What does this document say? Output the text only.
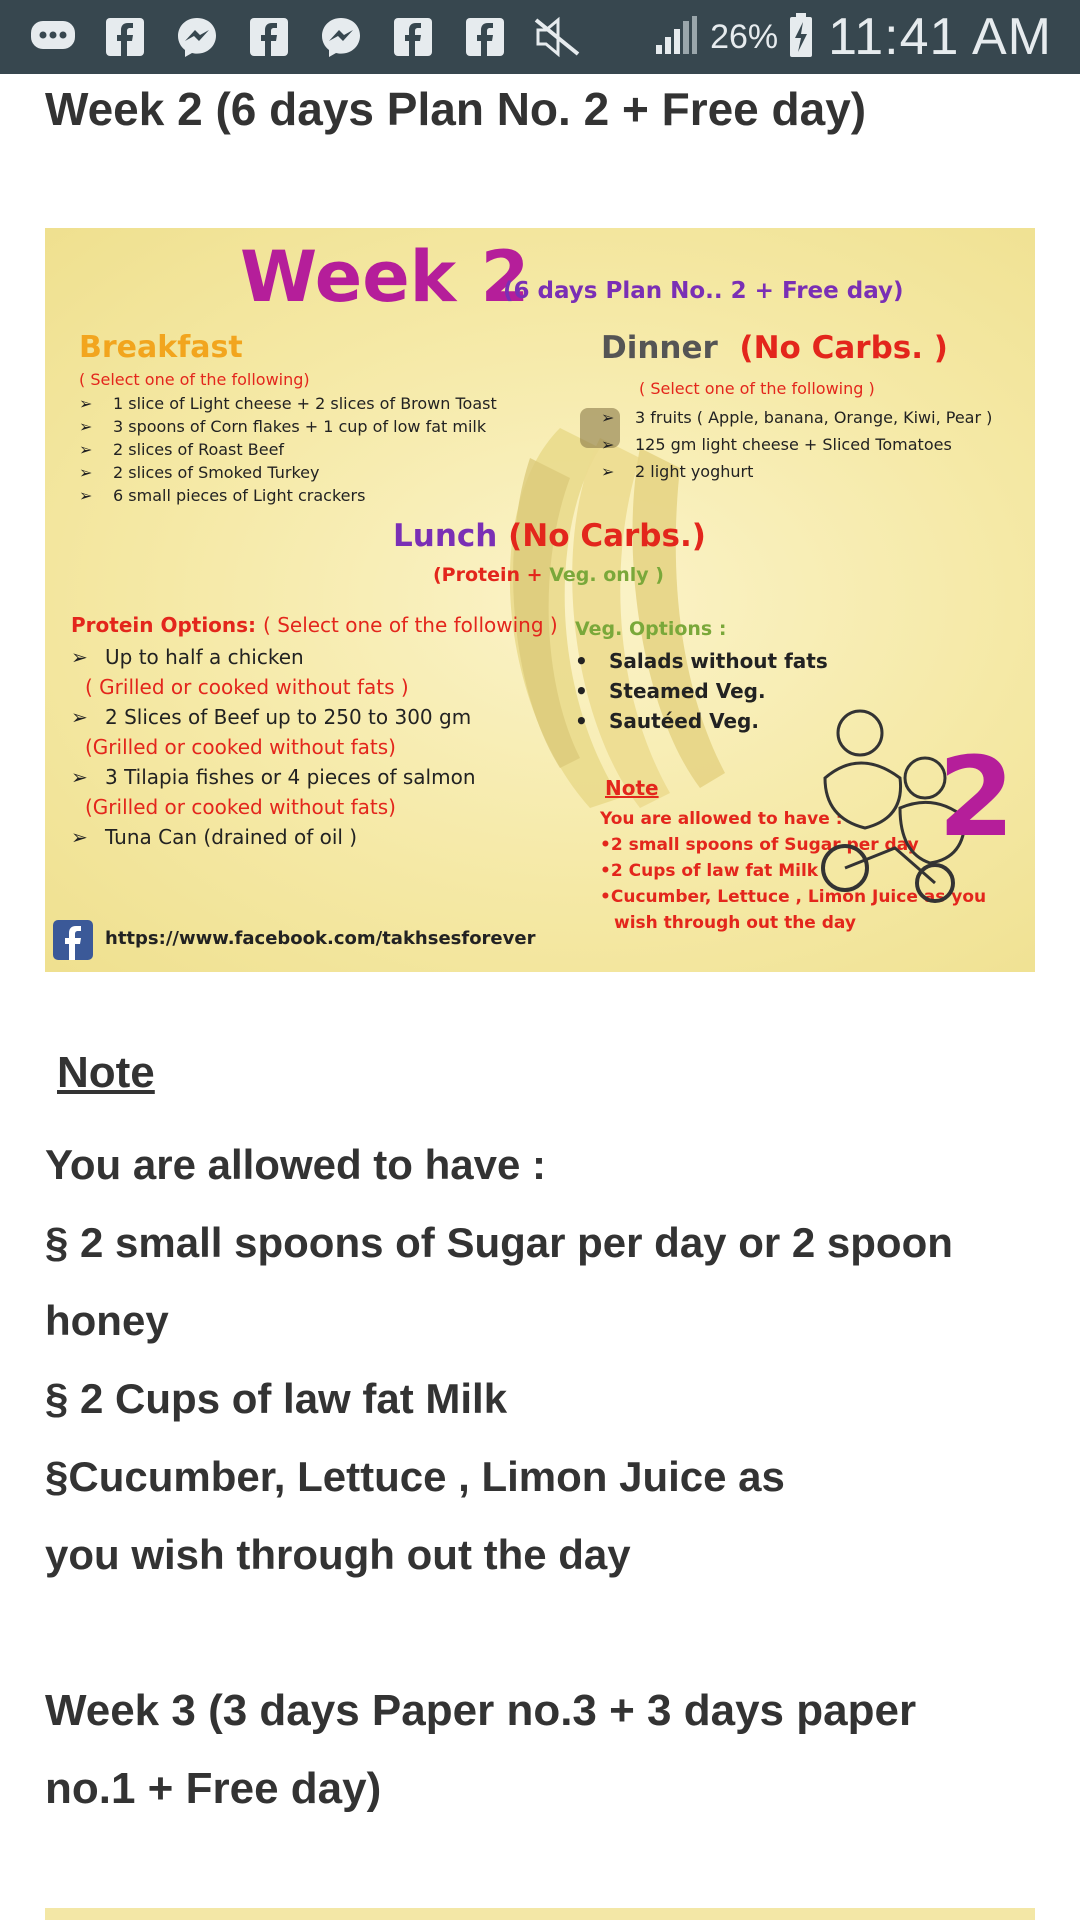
26% 11:41 AM
Week 2 (6 days Plan No. 2 + Free day)
Week 2
(6 days Plan No.. 2 + Free day)
Breakfast
( Select one of the following)
➢ 1 slice of Light cheese + 2 slices of Brown Toast
➢ 3 spoons of Corn flakes + 1 cup of low fat milk
➢ 2 slices of Roast Beef
➢ 2 slices of Smoked Turkey
➢ 6 small pieces of Light crackers
Dinner (No Carbs. )
( Select one of the following )
➢ 3 fruits ( Apple, banana, Orange, Kiwi, Pear )
➢ 125 gm light cheese + Sliced Tomatoes
➢ 2 light yoghurt
Lunch (No Carbs.)
(Protein + Veg. only )
Protein Options: ( Select one of the following )
➢ Up to half a chicken
( Grilled or cooked without fats )
➢ 2 Slices of Beef up to 250 to 300 gm
(Grilled or cooked without fats)
➢ 3 Tilapia fishes or 4 pieces of salmon
(Grilled or cooked without fats)
➢ Tuna Can (drained of oil )
Veg. Options :
• Salads without fats
• Steamed Veg.
• Sautéed Veg.
Note
You are allowed to have :
•2 small spoons of Sugar per day
•2 Cups of law fat Milk
•Cucumber, Lettuce , Limon Juice as you
wish through out the day
2
https://www.facebook.com/takhsesforever
Note
You are allowed to have :
§ 2 small spoons of Sugar per day or 2 spoon
honey
§ 2 Cups of law fat Milk
§Cucumber, Lettuce , Limon Juice as
you wish through out the day
Week 3 (3 days Paper no.3 + 3 days paper
no.1 + Free day)
